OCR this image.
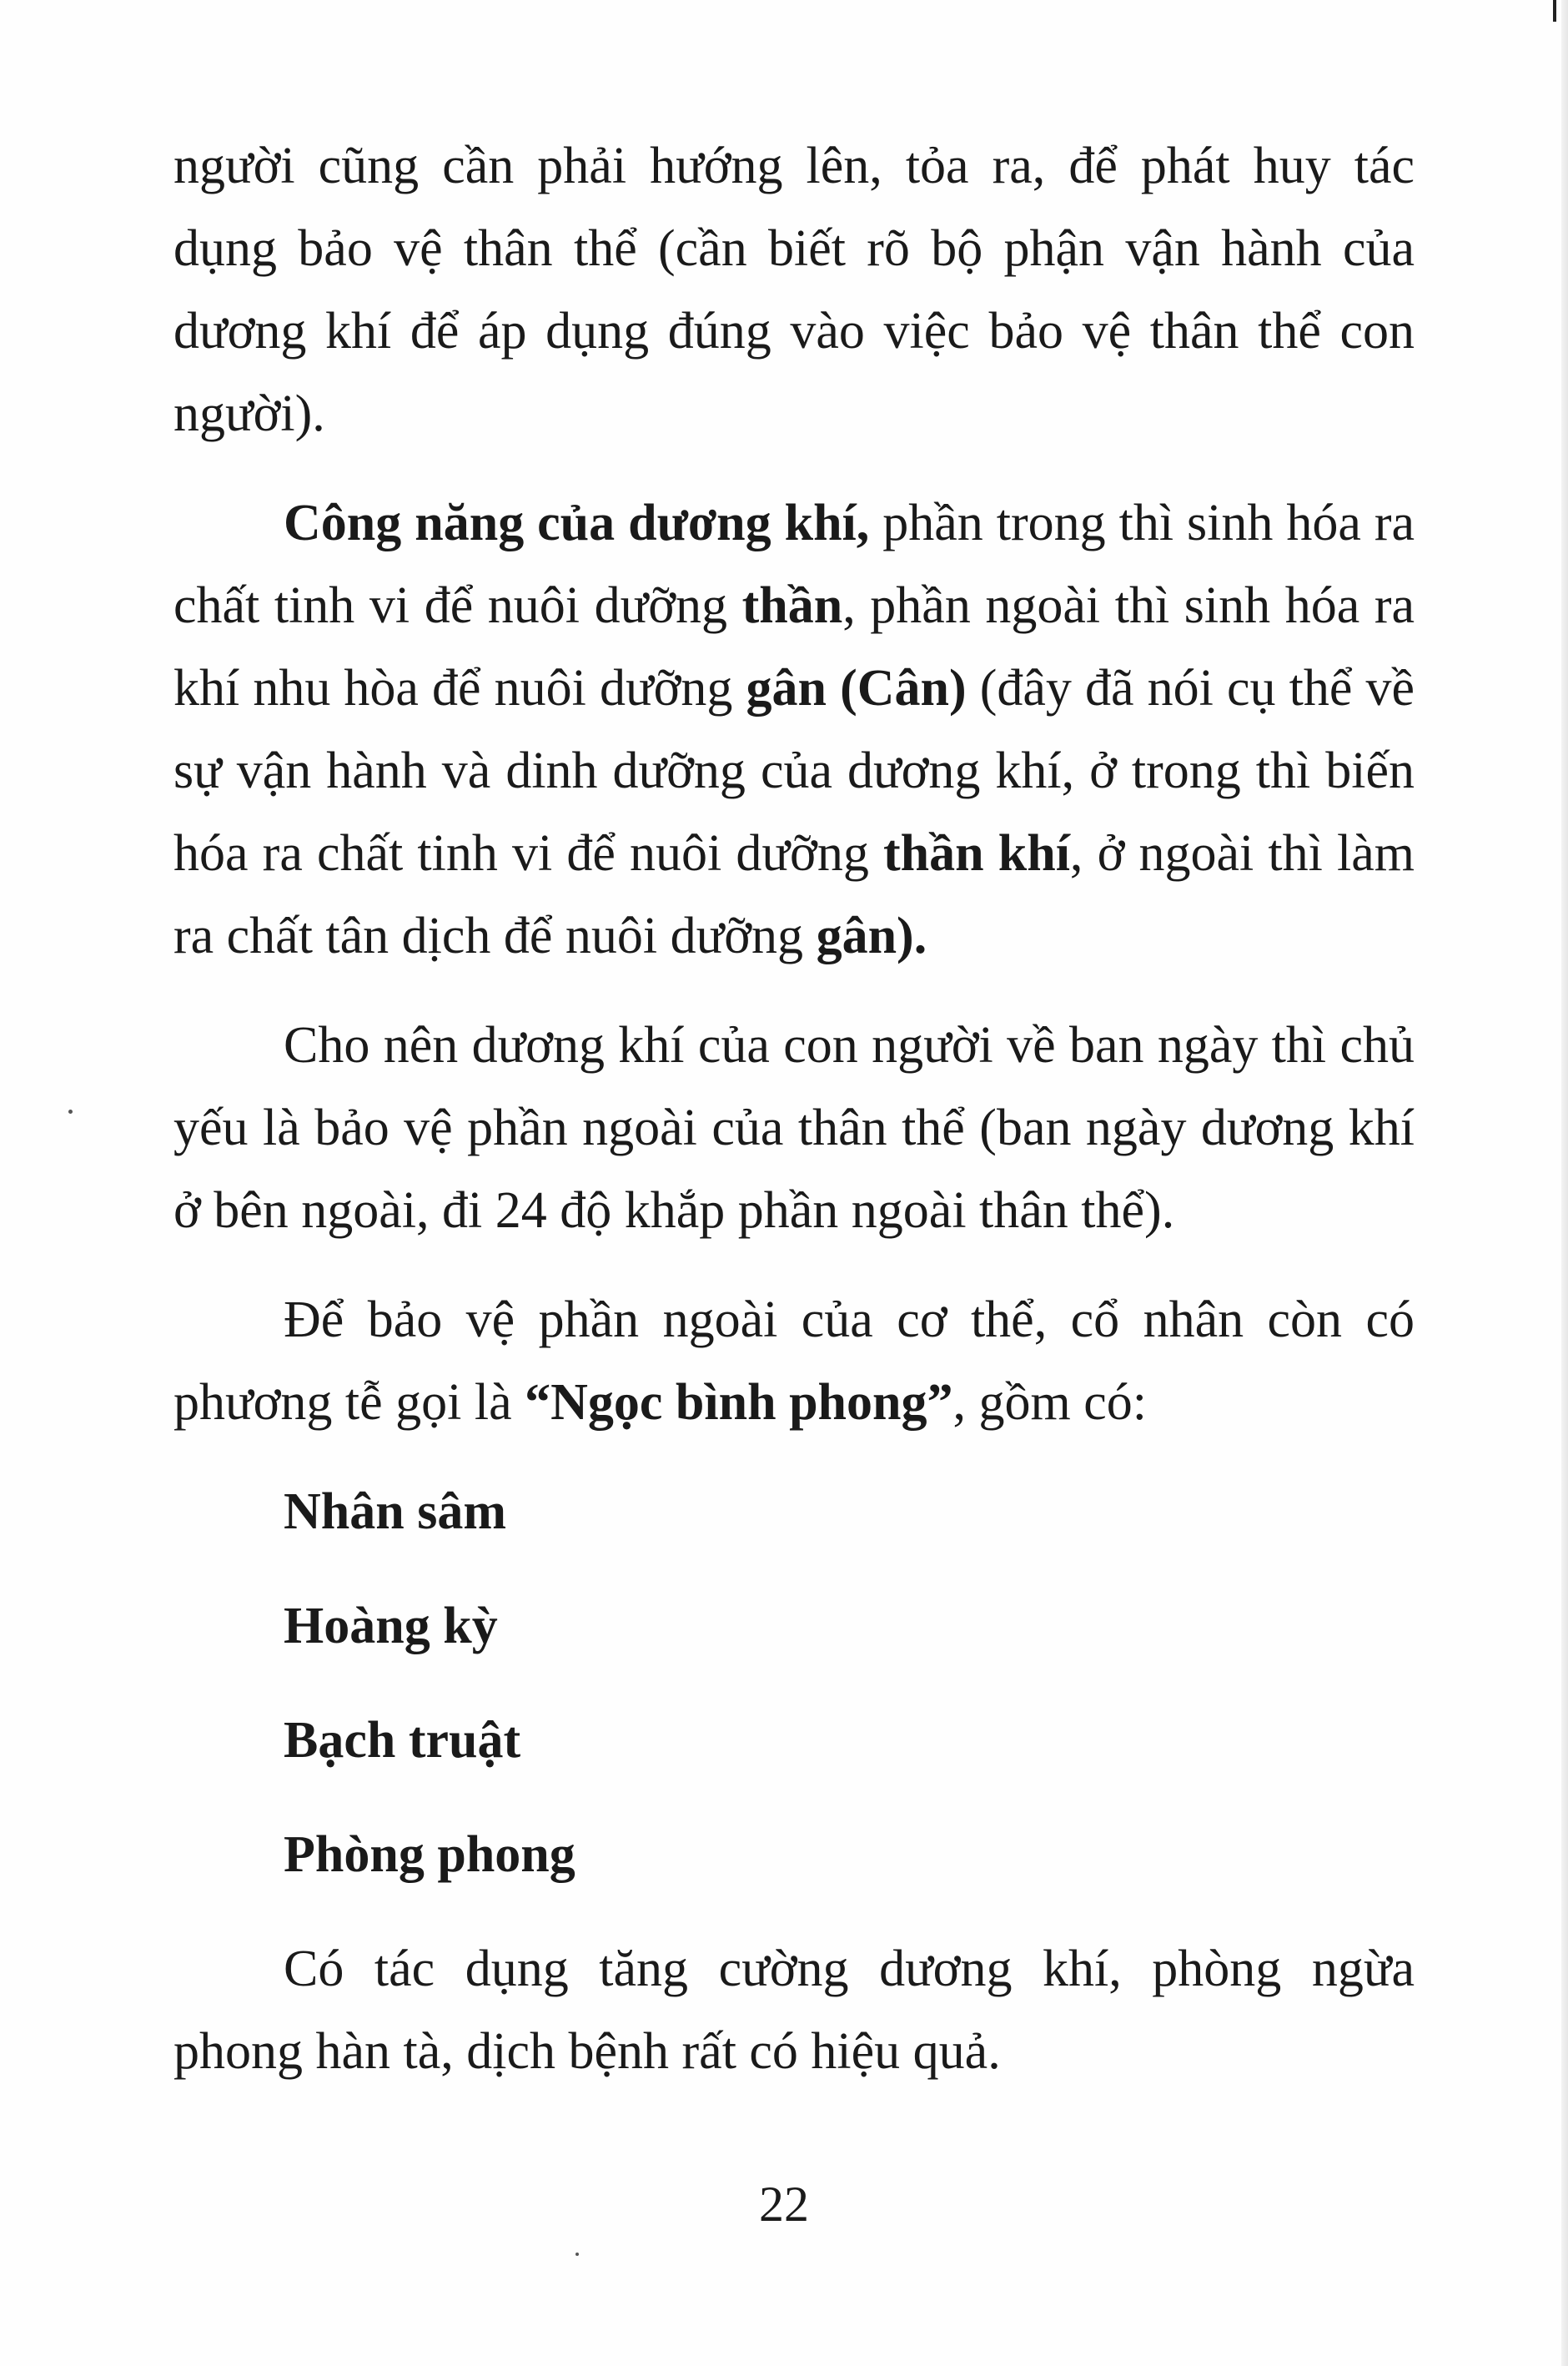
người cũng cần phải hướng lên, tỏa ra, để phát huy tác dụng bảo vệ thân thể (cần biết rõ bộ phận vận hành của dương khí để áp dụng đúng vào việc bảo vệ thân thể con người).

Công năng của dương khí, phần trong thì sinh hóa ra chất tinh vi để nuôi dưỡng thần, phần ngoài thì sinh hóa ra khí nhu hòa để nuôi dưỡng gân (Cân) (đây đã nói cụ thể về sự vận hành và dinh dưỡng của dương khí, ở trong thì biến hóa ra chất tinh vi để nuôi dưỡng thần khí, ở ngoài thì làm ra chất tân dịch để nuôi dưỡng gân).

Cho nên dương khí của con người về ban ngày thì chủ yếu là bảo vệ phần ngoài của thân thể (ban ngày dương khí ở bên ngoài, đi 24 độ khắp phần ngoài thân thể).

Để bảo vệ phần ngoài của cơ thể, cổ nhân còn có phương tễ gọi là “Ngọc bình phong”, gồm có:

Nhân sâm

Hoàng kỳ

Bạch truật

Phòng phong

Có tác dụng tăng cường dương khí, phòng ngừa phong hàn tà, dịch bệnh rất có hiệu quả.

22
